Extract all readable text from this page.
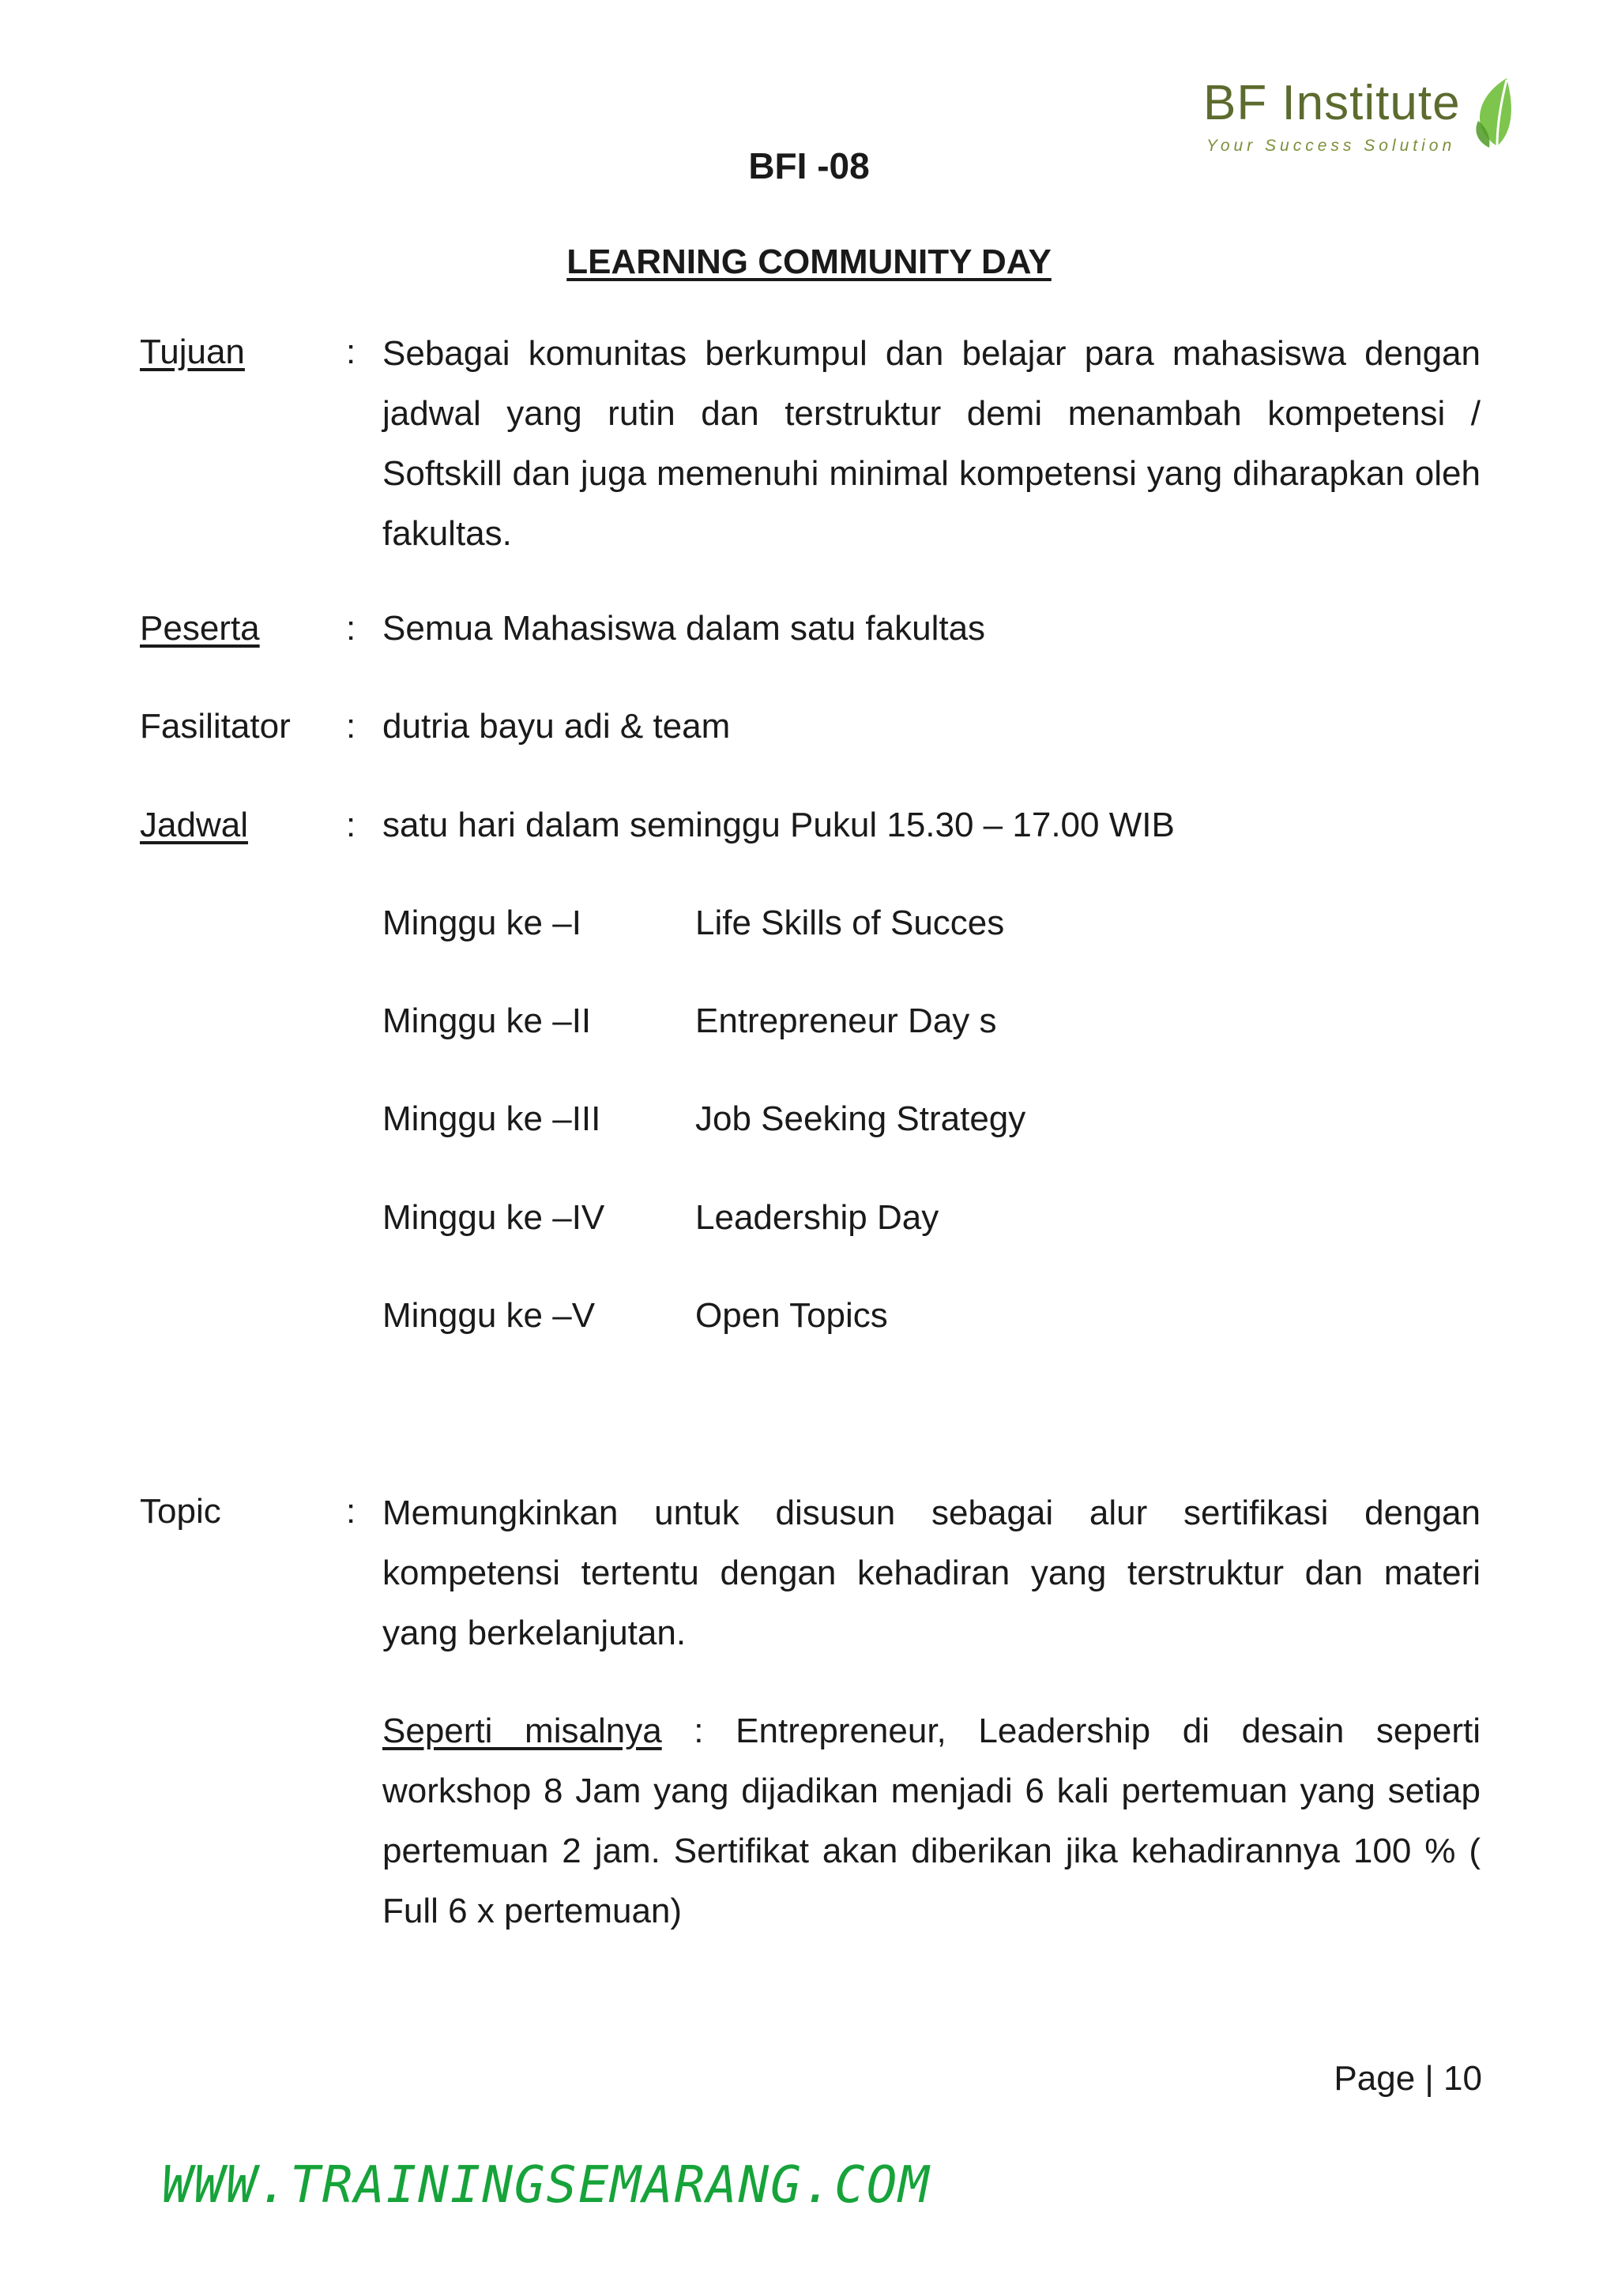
BF Institute
Your Success Solution
BFI -08
LEARNING COMMUNITY DAY
Tujuan	: Sebagai komunitas berkumpul dan belajar para mahasiswa dengan jadwal yang rutin dan terstruktur demi menambah kompetensi / Softskill dan juga memenuhi minimal kompetensi yang diharapkan oleh fakultas.

Peserta : Semua Mahasiswa dalam satu fakultas
Fasilitator : dutria bayu adi & team
Jadwal	: satu hari dalam seminggu Pukul 15.30 – 17.00 WIB
Minggu ke –I	Life Skills of Succes
Minggu ke –II	Entrepreneur Day s
Minggu ke –III	Job Seeking Strategy
Minggu ke –IV	Leadership Day
Minggu ke –V	Open Topics
Topic	: Memungkinkan untuk disusun sebagai alur sertifikasi dengan kompetensi tertentu dengan kehadiran yang terstruktur dan materi yang berkelanjutan.

Seperti misalnya : Entrepreneur, Leadership di desain seperti workshop 8 Jam yang dijadikan menjadi 6 kali pertemuan yang setiap pertemuan 2 jam. Sertifikat akan diberikan jika kehadirannya 100 % ( Full 6 x pertemuan)

Page | 10
WWW.TRAININGSEMARANG.COM
